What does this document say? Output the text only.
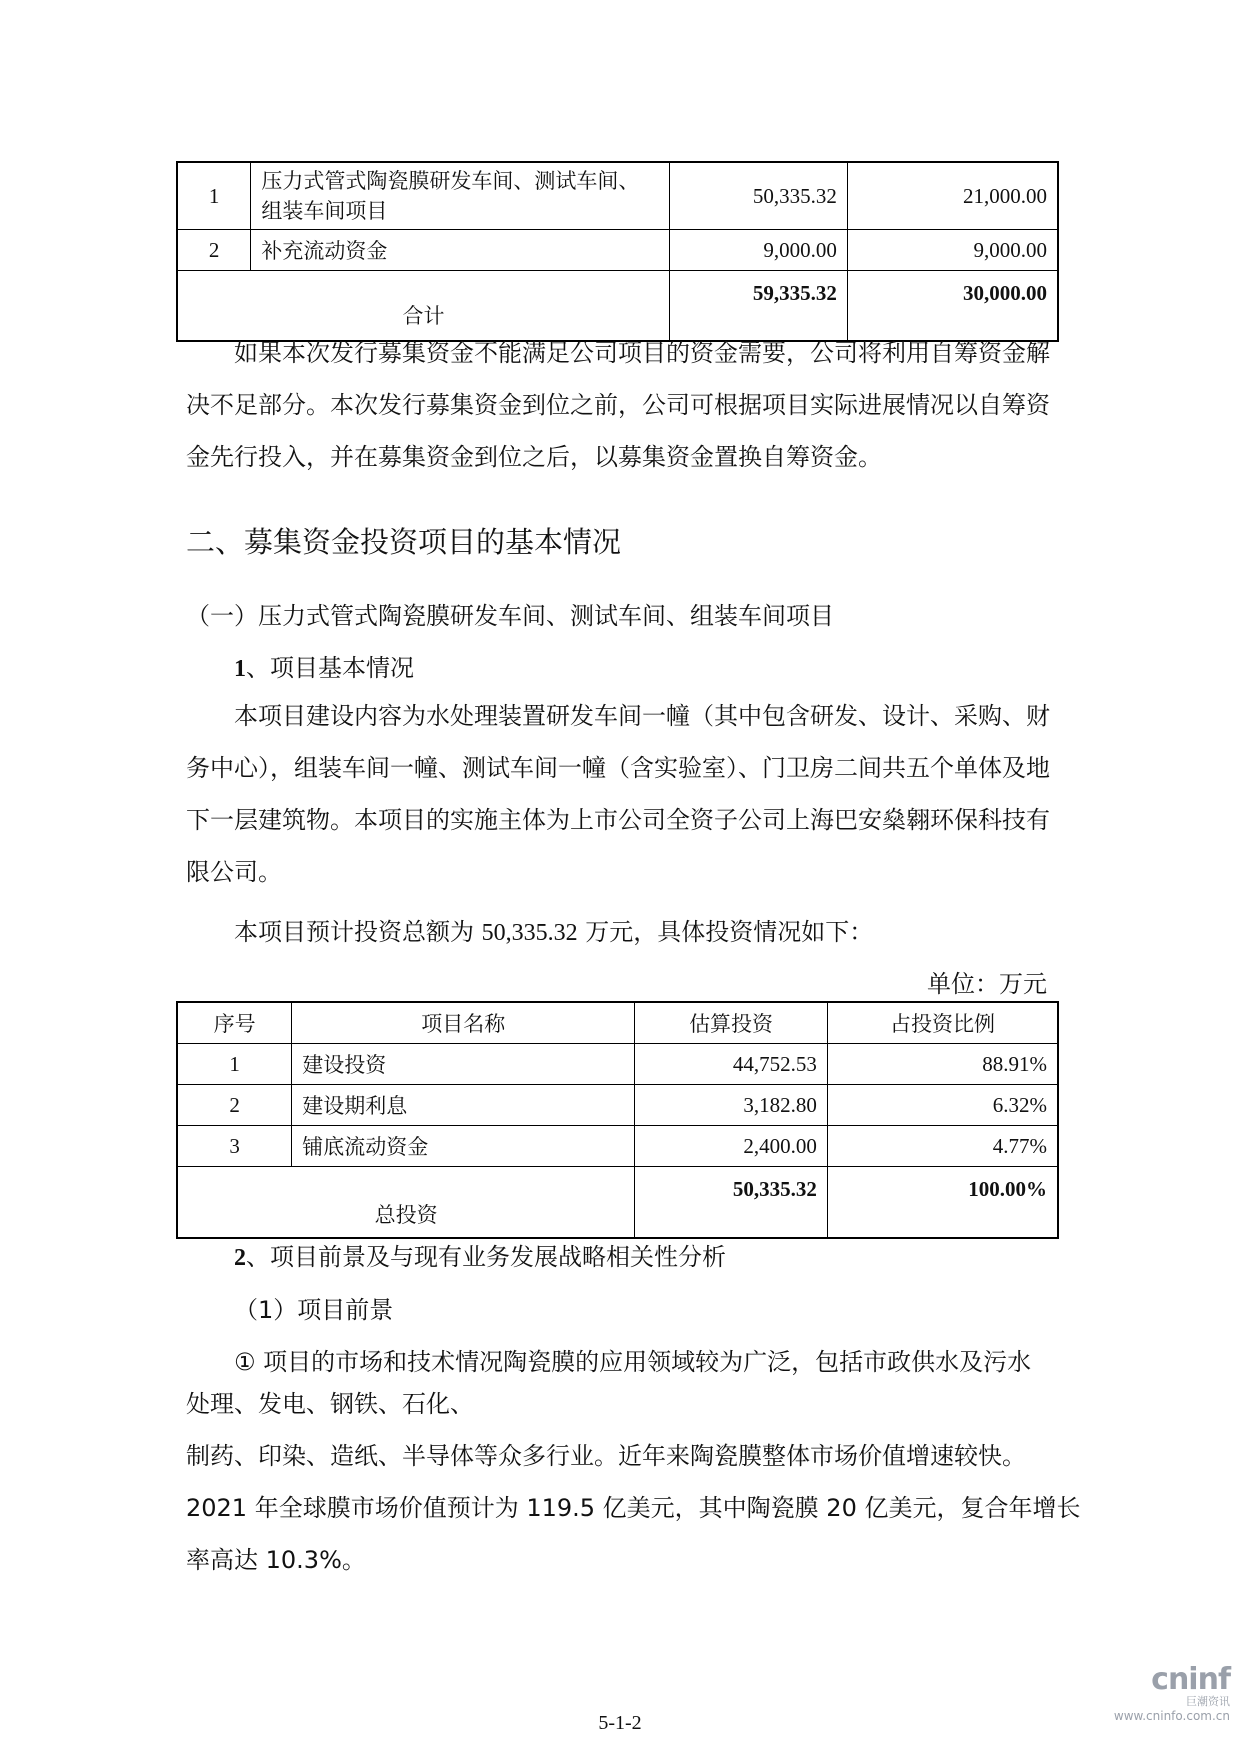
1	压力式管式陶瓷膜研发车间、测试车间、组装车间项目	50,335.32	21,000.00
2	补充流动资金	9,000.00	9,000.00
合计		59,335.32	30,000.00

如果本次发行募集资金不能满足公司项目的资金需要，公司将利用自筹资金解决不足部分。本次发行募集资金到位之前，公司可根据项目实际进展情况以自筹资金先行投入，并在募集资金到位之后，以募集资金置换自筹资金。

二、募集资金投资项目的基本情况

（一）压力式管式陶瓷膜研发车间、测试车间、组装车间项目

1、项目基本情况

本项目建设内容为水处理装置研发车间一幢（其中包含研发、设计、采购、财务中心），组装车间一幢、测试车间一幢（含实验室）、门卫房二间共五个单体及地下一层建筑物。本项目的实施主体为上市公司全资子公司上海巴安燊翱环保科技有限公司。

本项目预计投资总额为 50,335.32 万元，具体投资情况如下：

单位：万元
序号	项目名称	估算投资	占投资比例
1	建设投资	44,752.53	88.91%
2	建设期利息	3,182.80	6.32%
3	铺底流动资金	2,400.00	4.77%
总投资		50,335.32	100.00%

2、项目前景及与现有业务发展战略相关性分析

（1）项目前景

① 项目的市场和技术情况陶瓷膜的应用领域较为广泛，包括市政供水及污水

处理、发电、钢铁、石化、

制药、印染、造纸、半导体等众多行业。近年来陶瓷膜整体市场价值增速较快。

2021 年全球膜市场价值预计为 119.5 亿美元，其中陶瓷膜 20 亿美元，复合年增长

率高达 10.3%。

5-1-2
cninf
巨潮资讯
www.cninfo.com.cn
